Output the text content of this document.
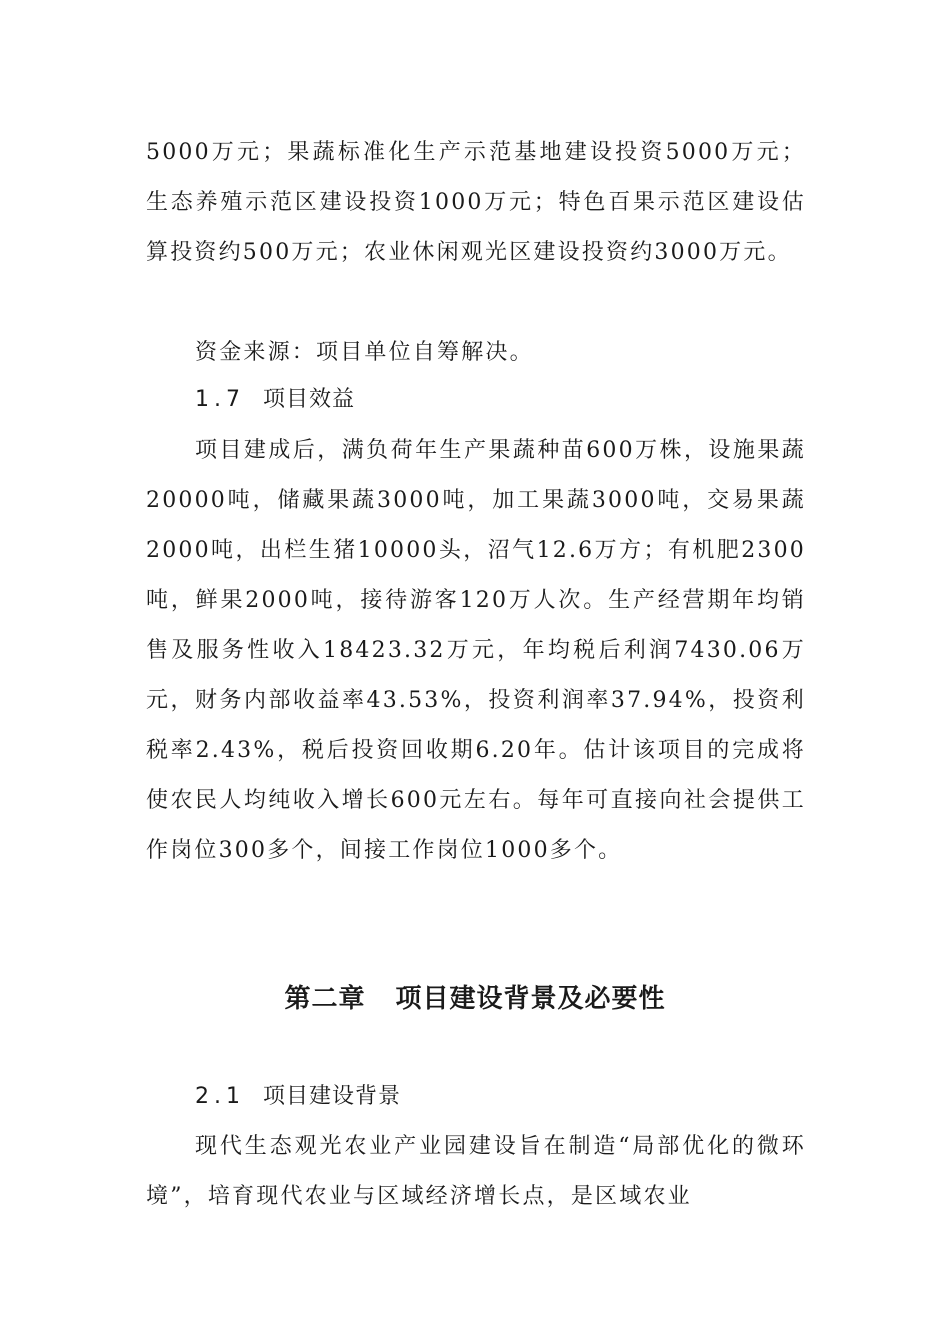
5000万元；果蔬标准化生产示范基地建设投资5000万元；生态养殖示范区建设投资1000万元；特色百果示范区建设估算投资约500万元；农业休闲观光区建设投资约3000万元。

资金来源：项目单位自筹解决。

1.7 项目效益

项目建成后，满负荷年生产果蔬种苗600万株，设施果蔬20000吨，储藏果蔬3000吨，加工果蔬3000吨，交易果蔬2000吨，出栏生猪10000头，沼气12.6万方；有机肥2300吨，鲜果2000吨，接待游客120万人次。生产经营期年均销售及服务性收入18423.32万元，年均税后利润7430.06万元，财务内部收益率43.53%，投资利润率37.94%，投资利税率2.43%，税后投资回收期6.20年。估计该项目的完成将使农民人均纯收入增长600元左右。每年可直接向社会提供工作岗位300多个，间接工作岗位1000多个。

第二章 项目建设背景及必要性
2.1 项目建设背景

现代生态观光农业产业园建设旨在制造“局部优化的微环境”，培育现代农业与区域经济增长点，是区域农业
